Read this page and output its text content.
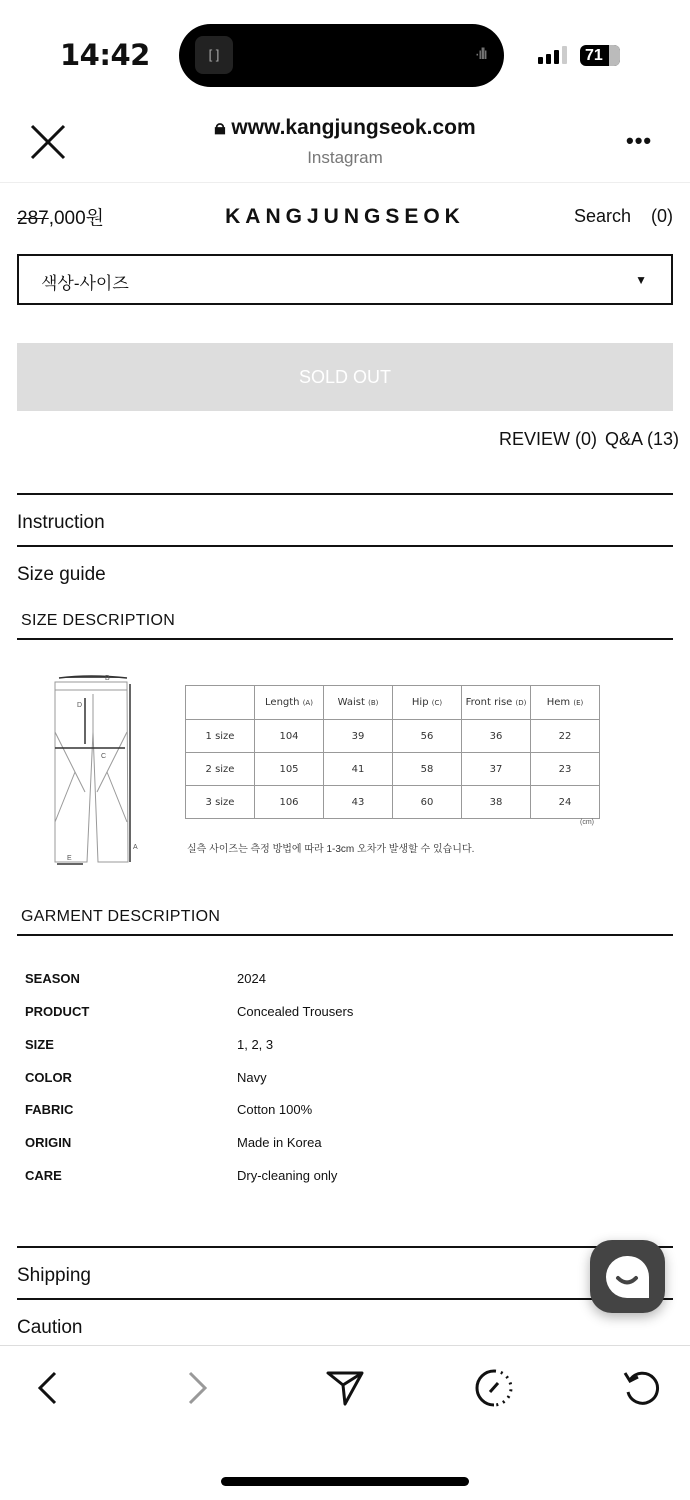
14:42	[ ]	·ıllı	71
🔒︎ www.kangjungseok.com
Instagram
•••
287,000원	KANGJUNGSEOK	Search (0)
색상-사이즈	▼
SOLD OUT
REVIEW (0) Q&A (13)
Instruction
Size guide
SIZE DESCRIPTION
B
D
C
A
E
	Length (A)	Waist (B)	Hip (C)	Front rise (D)	Hem (E)
1 size	104	39	56	36	22
2 size	105	41	58	37	23
3 size	106	43	60	38	24
(cm)
실측 사이즈는 측정 방법에 따라 1-3cm 오차가 발생할 수 있습니다.
GARMENT DESCRIPTION
SEASON	2024
PRODUCT	Concealed Trousers
SIZE	1, 2, 3
COLOR	Navy
FABRIC	Cotton 100%
ORIGIN	Made in Korea
CARE	Dry-cleaning only
Shipping
Caution
